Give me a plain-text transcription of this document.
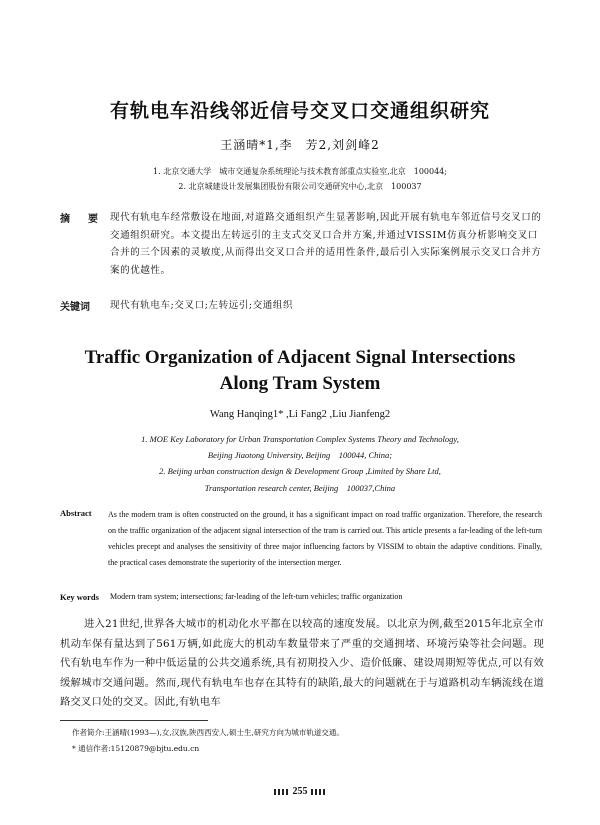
有轨电车沿线邻近信号交叉口交通组织研究
王涵晴*1,李　芳2,刘剑峰2
1. 北京交通大学　城市交通复杂系统理论与技术教育部重点实验室,北京　100044;
2. 北京城建设计发展集团股份有限公司交通研究中心,北京　100037
摘　要 现代有轨电车经常敷设在地面,对道路交通组织产生显著影响,因此开展有轨电车邻近信号交叉口的交通组织研究。本文提出左转远引的主支式交叉口合并方案,并通过VISSIM仿真分析影响交叉口合并的三个因素的灵敏度,从而得出交叉口合并的适用性条件,最后引入实际案例展示交叉口合并方案的优越性。
关键词 现代有轨电车;交叉口;左转远引;交通组织
Traffic Organization of Adjacent Signal Intersections
Along Tram System
Wang Hanqing1* ,Li Fang2 ,Liu Jianfeng2
1. MOE Key Laboratory for Urban Transportation Complex Systems Theory and Technology,
Beijing Jiaotong University, Beijing　100044, China;
2. Beijing urban construction design & Development Group ,Limited by Share Ltd,
Transportation research center, Beijing　100037,China
Abstract As the modern tram is often constructed on the ground, it has a significant impact on road traffic organization. Therefore, the research on the traffic organization of the adjacent signal intersection of the tram is carried out. This article presents a far-leading of the left-turn vehicles precept and analyses the sensitivity of three major influencing factors by VISSIM to obtain the adaptive conditions. Finally, the practical cases demonstrate the superiority of the intersection merger.
Key words Modern tram system; intersections; far-leading of the left-turn vehicles; traffic organization
进入21世纪,世界各大城市的机动化水平都在以较高的速度发展。以北京为例,截至2015年北京全市机动车保有量达到了561万辆,如此庞大的机动车数量带来了严重的交通拥堵、环境污染等社会问题。现代有轨电车作为一种中低运量的公共交通系统,具有初期投入少、造价低廉、建设周期短等优点,可以有效缓解城市交通问题。然而,现代有轨电车也存在其特有的缺陷,最大的问题就在于与道路机动车辆流线在道路交叉口处的交叉。因此,有轨电车
作者简介:王涵晴(1993—),女,汉族,陕西西安人,硕士生,研究方向为城市轨道交通。
* 通信作者:15120879@bjtu.edu.cn
255
